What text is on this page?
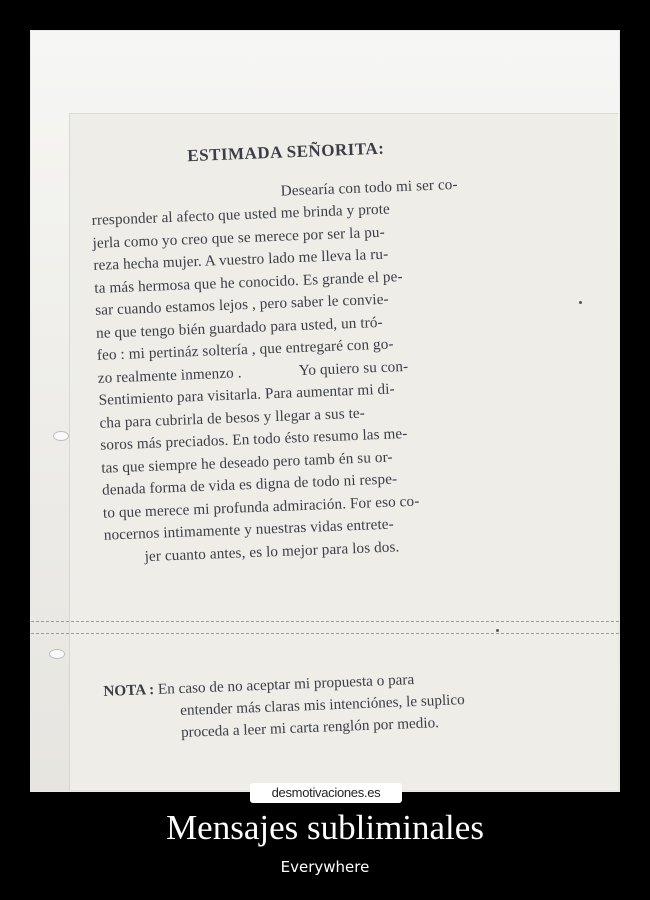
ESTIMADA SEÑORITA:
Desearía con todo mi ser co-
rresponder al afecto que usted me brinda y prote
jerla como yo creo que se merece por ser la pu-
reza hecha mujer. A vuestro lado me lleva la ru-
ta más hermosa que he conocido. Es grande el pe-
sar cuando estamos lejos , pero saber le convie-
ne que tengo bién guardado para usted, un tró-
feo : mi pertináz soltería , que entregaré con go-
zo realmente inmenzo .	Yo quiero su con-
Sentimiento para visitarla. Para aumentar mi di-
cha para cubrirla de besos y llegar a sus te-
soros más preciados. En todo ésto resumo las me-
tas que siempre he deseado pero tamb én su or-
denada forma de vida es digna de todo ni respe-
to que merece mi profunda admiración. For eso co-
nocernos intimamente y nuestras vidas entrete-
jer cuanto antes, es lo mejor para los dos.
NOTA : En caso de no aceptar mi propuesta o para
entender más claras mis intenciónes, le suplico
proceda a leer mi carta renglón por medio.
desmotivaciones.es
Mensajes subliminales
Everywhere
